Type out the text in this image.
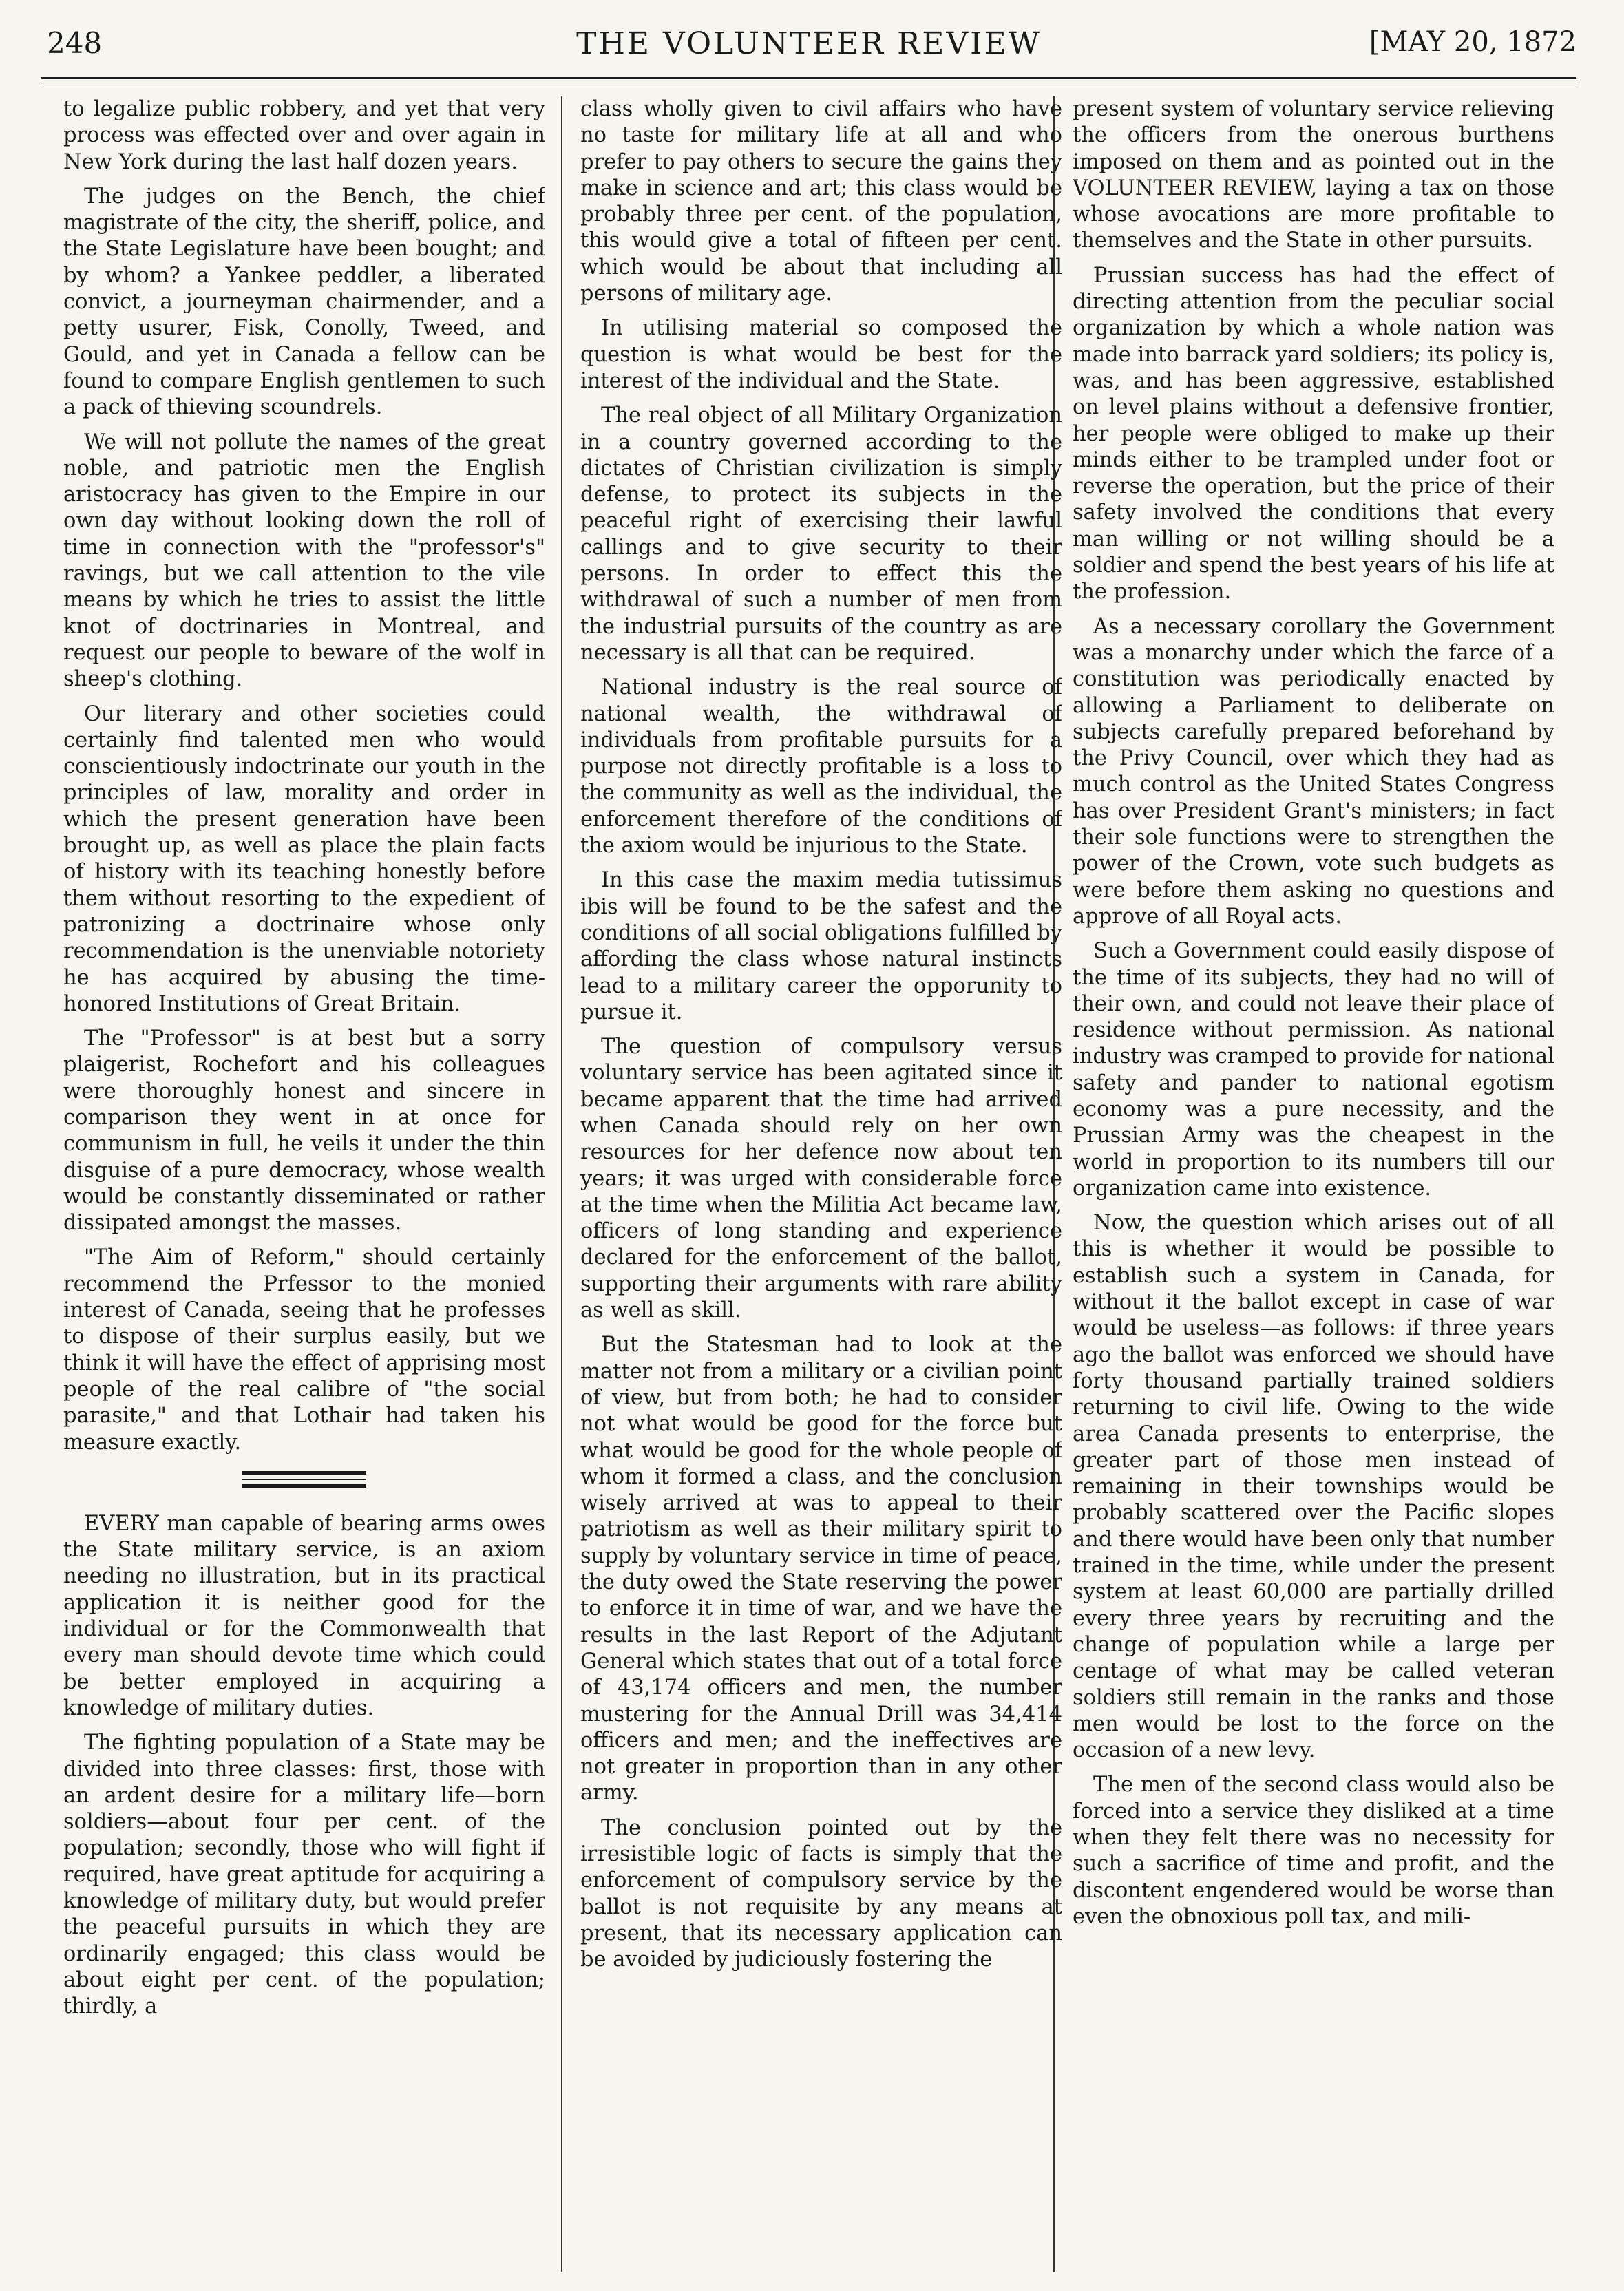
248	THE VOLUNTEER REVIEW	[MAY 20, 1872

to legalize public robbery, and yet that very process was effected over and over again in New York during the last half dozen years.

The judges on the Bench, the chief magistrate of the city, the sheriff, police, and the State Legislature have been bought; and by whom? a Yankee peddler, a liberated convict, a journeyman chairmender, and a petty usurer, Fisk, Conolly, Tweed, and Gould, and yet in Canada a fellow can be found to compare English gentlemen to such a pack of thieving scoundrels.

We will not pollute the names of the great noble, and patriotic men the English aristocracy has given to the Empire in our own day without looking down the roll of time in connection with the "professor's" ravings, but we call attention to the vile means by which he tries to assist the little knot of doctrinaries in Montreal, and request our people to beware of the wolf in sheep's clothing.

Our literary and other societies could certainly find talented men who would conscientiously indoctrinate our youth in the principles of law, morality and order in which the present generation have been brought up, as well as place the plain facts of history with its teaching honestly before them without resorting to the expedient of patronizing a doctrinaire whose only recommendation is the unenviable notoriety he has acquired by abusing the time-honored Institutions of Great Britain.

The "Professor" is at best but a sorry plaigerist, Rochefort and his colleagues were thoroughly honest and sincere in comparison they went in at once for communism in full, he veils it under the thin disguise of a pure democracy, whose wealth would be constantly disseminated or rather dissipated amongst the masses.

"The Aim of Reform," should certainly recommend the Prfessor to the monied interest of Canada, seeing that he professes to dispose of their surplus easily, but we think it will have the effect of apprising most people of the real calibre of "the social parasite," and that Lothair had taken his measure exactly.

EVERY man capable of bearing arms owes the State military service, is an axiom needing no illustration, but in its practical application it is neither good for the individual or for the Commonwealth that every man should devote time which could be better employed in acquiring a knowledge of military duties.

The fighting population of a State may be divided into three classes: first, those with an ardent desire for a military life—born soldiers—about four per cent. of the population; secondly, those who will fight if required, have great aptitude for acquiring a knowledge of military duty, but would prefer the peaceful pursuits in which they are ordinarily engaged; this class would be about eight per cent. of the population; thirdly, a

class wholly given to civil affairs who have no taste for military life at all and who prefer to pay others to secure the gains they make in science and art; this class would be probably three per cent. of the population, this would give a total of fifteen per cent. which would be about that including all persons of military age.

In utilising material so composed the question is what would be best for the interest of the individual and the State.

The real object of all Military Organization in a country governed according to the dictates of Christian civilization is simply defense, to protect its subjects in the peaceful right of exercising their lawful callings and to give security to their persons. In order to effect this the withdrawal of such a number of men from the industrial pursuits of the country as are necessary is all that can be required.

National industry is the real source of national wealth, the withdrawal of individuals from profitable pursuits for a purpose not directly profitable is a loss to the community as well as the individual, the enforcement therefore of the conditions of the axiom would be injurious to the State.

In this case the maxim media tutissimus ibis will be found to be the safest and the conditions of all social obligations fulfilled by affording the class whose natural instincts lead to a military career the opporunity to pursue it.

The question of compulsory versus voluntary service has been agitated since it became apparent that the time had arrived when Canada should rely on her own resources for her defence now about ten years; it was urged with considerable force at the time when the Militia Act became law, officers of long standing and experience declared for the enforcement of the ballot, supporting their arguments with rare ability as well as skill.

But the Statesman had to look at the matter not from a military or a civilian point of view, but from both; he had to consider not what would be good for the force but what would be good for the whole people of whom it formed a class, and the conclusion wisely arrived at was to appeal to their patriotism as well as their military spirit to supply by voluntary service in time of peace, the duty owed the State reserving the power to enforce it in time of war, and we have the results in the last Report of the Adjutant General which states that out of a total force of 43,174 officers and men, the number mustering for the Annual Drill was 34,414 officers and men; and the ineffectives are not greater in proportion than in any other army.

The conclusion pointed out by the irresistible logic of facts is simply that the enforcement of compulsory service by the ballot is not requisite by any means at present, that its necessary application can be avoided by judiciously fostering the

present system of voluntary service relieving the officers from the onerous burthens imposed on them and as pointed out in the VOLUNTEER REVIEW, laying a tax on those whose avocations are more profitable to themselves and the State in other pursuits.

Prussian success has had the effect of directing attention from the peculiar social organization by which a whole nation was made into barrack yard soldiers; its policy is, was, and has been aggressive, established on level plains without a defensive frontier, her people were obliged to make up their minds either to be trampled under foot or reverse the operation, but the price of their safety involved the conditions that every man willing or not willing should be a soldier and spend the best years of his life at the profession.

As a necessary corollary the Government was a monarchy under which the farce of a constitution was periodically enacted by allowing a Parliament to deliberate on subjects carefully prepared beforehand by the Privy Council, over which they had as much control as the United States Congress has over President Grant's ministers; in fact their sole functions were to strengthen the power of the Crown, vote such budgets as were before them asking no questions and approve of all Royal acts.

Such a Government could easily dispose of the time of its subjects, they had no will of their own, and could not leave their place of residence without permission. As national industry was cramped to provide for national safety and pander to national egotism economy was a pure necessity, and the Prussian Army was the cheapest in the world in proportion to its numbers till our organization came into existence.

Now, the question which arises out of all this is whether it would be possible to establish such a system in Canada, for without it the ballot except in case of war would be useless—as follows: if three years ago the ballot was enforced we should have forty thousand partially trained soldiers returning to civil life. Owing to the wide area Canada presents to enterprise, the greater part of those men instead of remaining in their townships would be probably scattered over the Pacific slopes and there would have been only that number trained in the time, while under the present system at least 60,000 are partially drilled every three years by recruiting and the change of population while a large per centage of what may be called veteran soldiers still remain in the ranks and those men would be lost to the force on the occasion of a new levy.

The men of the second class would also be forced into a service they disliked at a time when they felt there was no necessity for such a sacrifice of time and profit, and the discontent engendered would be worse than even the obnoxious poll tax, and mili-
